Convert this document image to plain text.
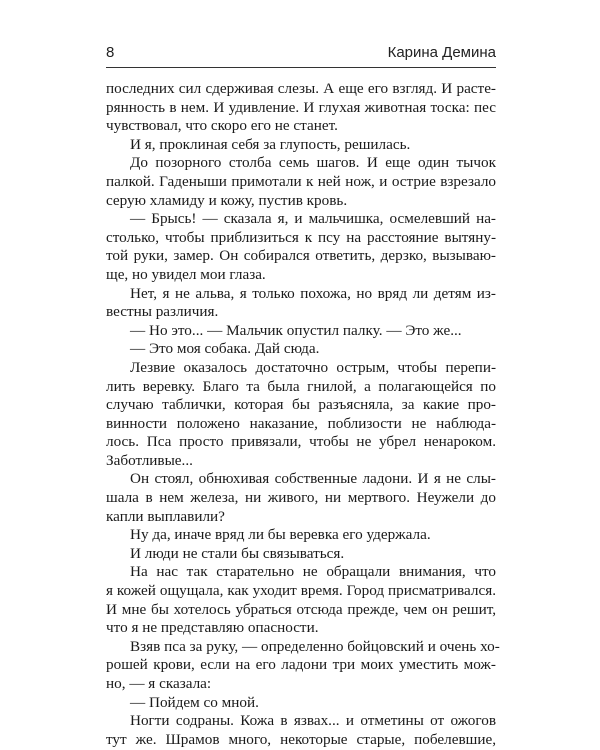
8	Карина Демина

последних сил сдерживая слезы. А еще его взгляд. И расте-

рянность в нем. И удивление. И глухая животная тоска: пес

чувствовал, что скоро его не станет.

И я, проклиная себя за глупость, решилась.

До позорного столба семь шагов. И еще один тычок

палкой. Гаденыши примотали к ней нож, и острие взрезало

серую хламиду и кожу, пустив кровь.

— Брысь! — сказала я, и мальчишка, осмелевший на-

столько, чтобы приблизиться к псу на расстояние вытяну-

той руки, замер. Он собирался ответить, дерзко, вызываю-

ще, но увидел мои глаза.

Нет, я не альва, я только похожа, но вряд ли детям из-

вестны различия.

— Но это... — Мальчик опустил палку. — Это же...

— Это моя собака. Дай сюда.

Лезвие оказалось достаточно острым, чтобы перепи-

лить веревку. Благо та была гнилой, а полагающейся по

случаю таблички, которая бы разъясняла, за какие про-

винности положено наказание, поблизости не наблюда-

лось. Пса просто привязали, чтобы не убрел ненароком.

Заботливые...

Он стоял, обнюхивая собственные ладони. И я не слы-

шала в нем железа, ни живого, ни мертвого. Неужели до

капли выплавили?

Ну да, иначе вряд ли бы веревка его удержала.

И люди не стали бы связываться.

На нас так старательно не обращали внимания, что

я кожей ощущала, как уходит время. Город присматривался.

И мне бы хотелось убраться отсюда прежде, чем он решит,

что я не представляю опасности.

Взяв пса за руку, — определенно бойцовский и очень хо-

рошей крови, если на его ладони три моих уместить мож-

но, — я сказала:

— Пойдем со мной.

Ногти содраны. Кожа в язвах... и отметины от ожогов

тут же. Шрамов много, некоторые старые, побелевшие,
